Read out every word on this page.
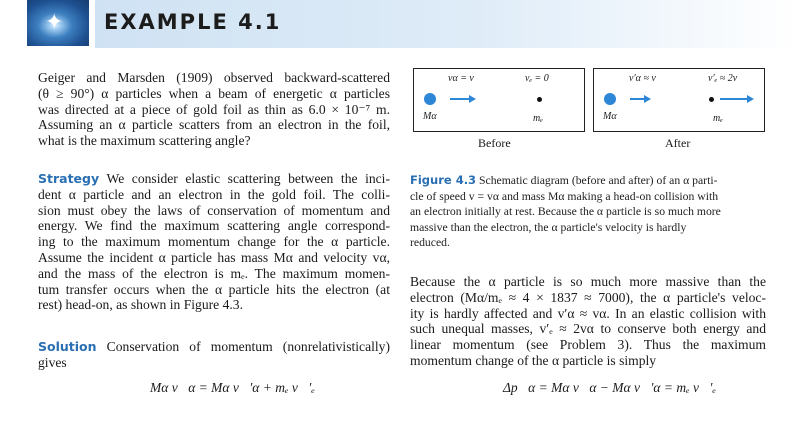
✦ EXAMPLE 4.1
Geiger and Marsden (1909) observed backward-scattered
(θ ≥ 90°) α particles when a beam of energetic α particles
was directed at a piece of gold foil as thin as 6.0 × 10⁻⁷ m.
Assuming an α particle scatters from an electron in the foil,
what is the maximum scattering angle?
Strategy We consider elastic scattering between the inci-
dent α particle and an electron in the gold foil. The colli-
sion must obey the laws of conservation of momentum and
energy. We find the maximum scattering angle correspond-
ing to the maximum momentum change for the α particle.
Assume the incident α particle has mass Mα and velocity vα,
and the mass of the electron is mₑ. The maximum momen-
tum transfer occurs when the α particle hits the electron (at
rest) head-on, as shown in Figure 4.3.
Solution Conservation of momentum (nonrelativistically)
gives
Mα v⃗α = Mα v⃗′α + mₑ v⃗′ₑ
vα = v	vₑ = 0
Mα	mₑ
Before
v′α ≈ v	v′ₑ ≈ 2v
Mα	mₑ
After
Figure 4.3 Schematic diagram (before and after) of an α parti-
cle of speed v = vα and mass Mα making a head-on collision with
an electron initially at rest. Because the α particle is so much more
massive than the electron, the α particle's velocity is hardly
reduced.
Because the α particle is so much more massive than the
electron (Mα/mₑ ≈ 4 × 1837 ≈ 7000), the α particle's veloc-
ity is hardly affected and v′α ≈ vα. In an elastic collision with
such unequal masses, v′ₑ ≈ 2vα to conserve both energy and
linear momentum (see Problem 3). Thus the maximum
momentum change of the α particle is simply
Δp⃗α = Mα v⃗α − Mα v⃗′α = mₑ v⃗′ₑ
